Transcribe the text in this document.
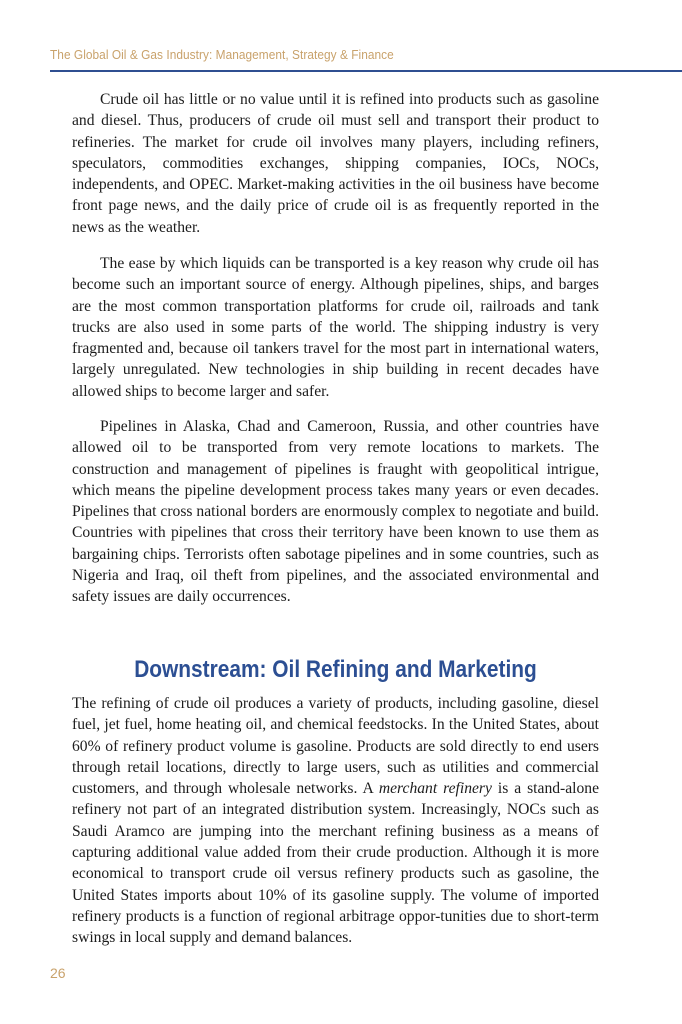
The Global Oil & Gas Industry: Management, Strategy & Finance

Crude oil has little or no value until it is refined into products such as gasoline and diesel. Thus, producers of crude oil must sell and transport their product to refineries. The market for crude oil involves many players, including refiners, speculators, commodities exchanges, shipping companies, IOCs, NOCs, independents, and OPEC. Market-making activities in the oil business have become front page news, and the daily price of crude oil is as frequently reported in the news as the weather.

The ease by which liquids can be transported is a key reason why crude oil has become such an important source of energy. Although pipelines, ships, and barges are the most common transportation platforms for crude oil, railroads and tank trucks are also used in some parts of the world. The shipping industry is very fragmented and, because oil tankers travel for the most part in international waters, largely unregulated. New technologies in ship building in recent decades have allowed ships to become larger and safer.

Pipelines in Alaska, Chad and Cameroon, Russia, and other countries have allowed oil to be transported from very remote locations to markets. The construction and management of pipelines is fraught with geopolitical intrigue, which means the pipeline development process takes many years or even decades. Pipelines that cross national borders are enormously complex to negotiate and build. Countries with pipelines that cross their territory have been known to use them as bargaining chips. Terrorists often sabotage pipelines and in some countries, such as Nigeria and Iraq, oil theft from pipelines, and the associated environmental and safety issues are daily occurrences.

Downstream: Oil Refining and Marketing

The refining of crude oil produces a variety of products, including gasoline, diesel fuel, jet fuel, home heating oil, and chemical feedstocks. In the United States, about 60% of refinery product volume is gasoline. Products are sold directly to end users through retail locations, directly to large users, such as utilities and commercial customers, and through wholesale networks. A merchant refinery is a stand-alone refinery not part of an integrated distribution system. Increasingly, NOCs such as Saudi Aramco are jumping into the merchant refining business as a means of capturing additional value added from their crude production. Although it is more economical to transport crude oil versus refinery products such as gasoline, the United States imports about 10% of its gasoline supply. The volume of imported refinery products is a function of regional arbitrage oppor-tunities due to short-term swings in local supply and demand balances.

26
